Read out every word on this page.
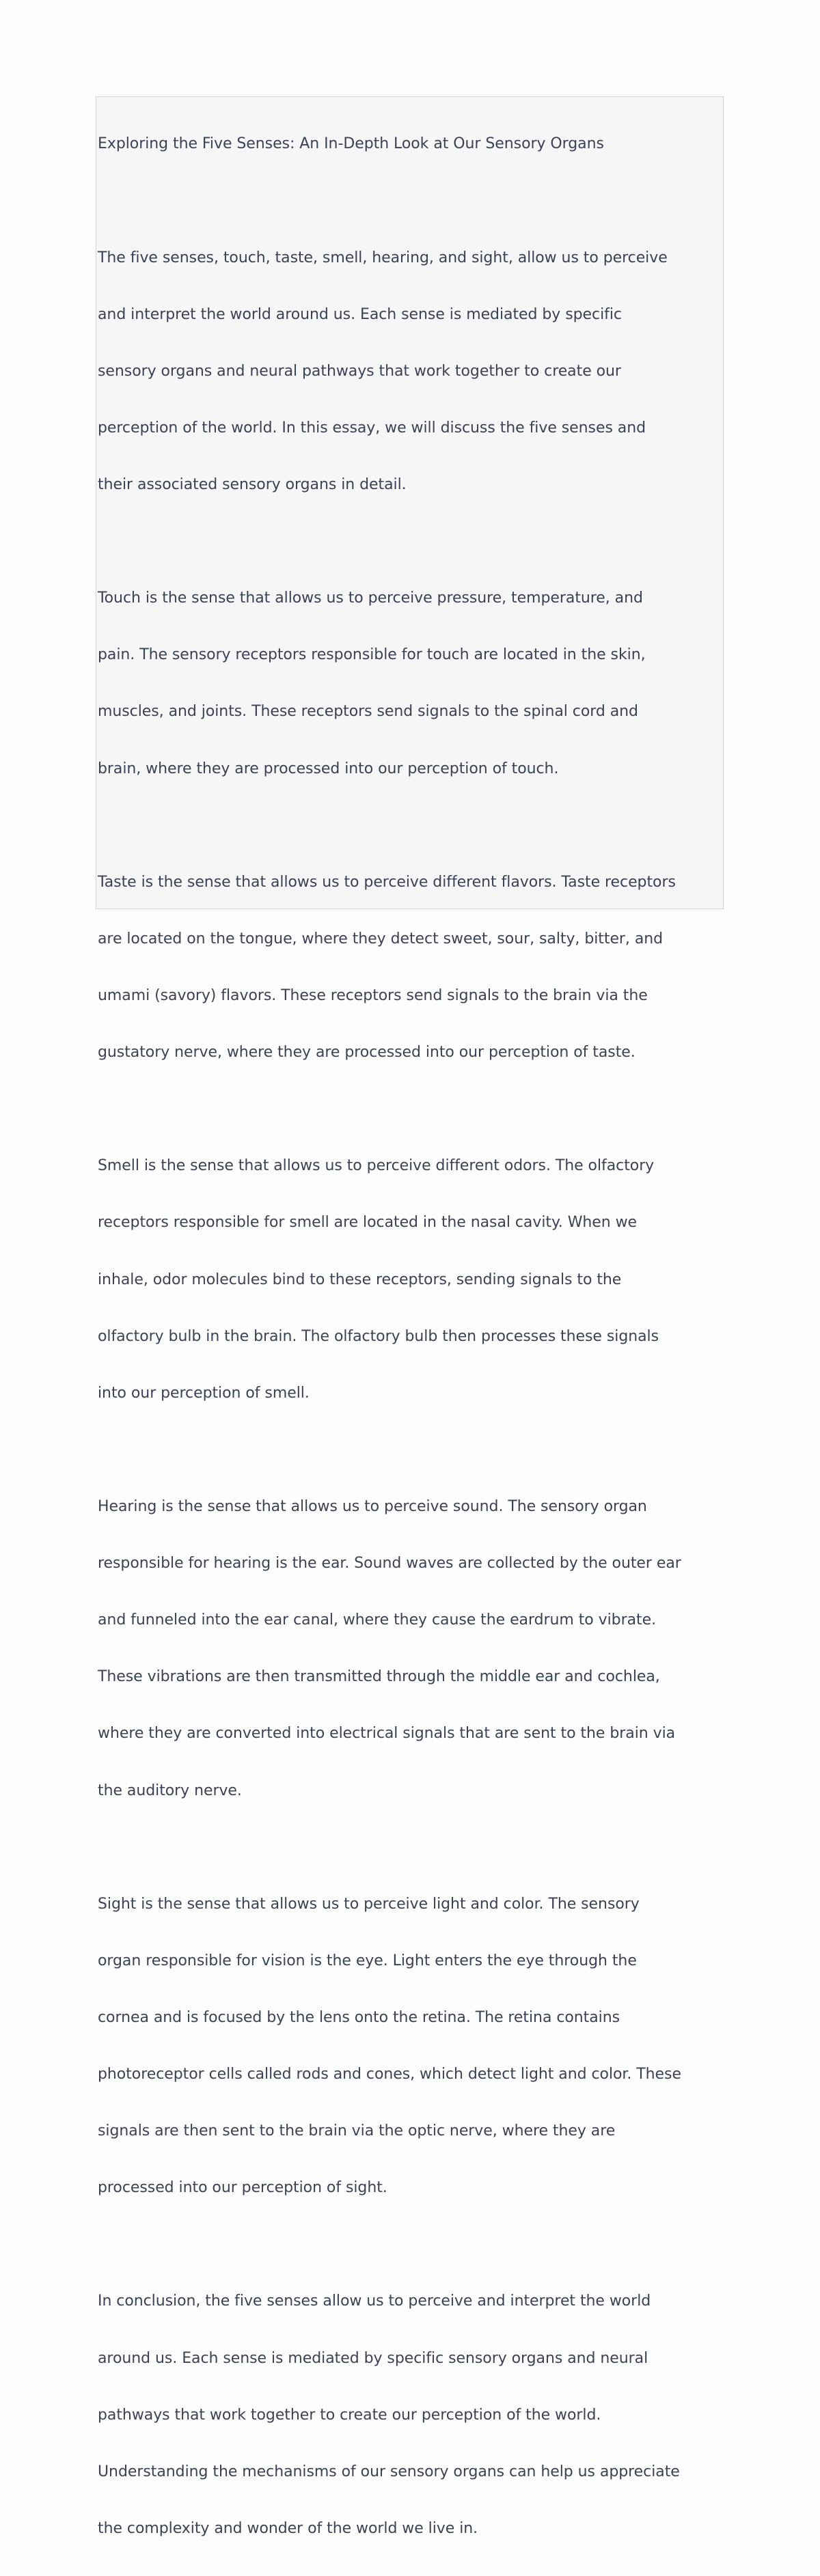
Exploring the Five Senses: An In-Depth Look at Our Sensory Organs

The five senses, touch, taste, smell, hearing, and sight, allow us to perceive

and interpret the world around us. Each sense is mediated by specific

sensory organs and neural pathways that work together to create our

perception of the world. In this essay, we will discuss the five senses and

their associated sensory organs in detail.

Touch is the sense that allows us to perceive pressure, temperature, and

pain. The sensory receptors responsible for touch are located in the skin,

muscles, and joints. These receptors send signals to the spinal cord and

brain, where they are processed into our perception of touch.

Taste is the sense that allows us to perceive different flavors. Taste receptors

are located on the tongue, where they detect sweet, sour, salty, bitter, and

umami (savory) flavors. These receptors send signals to the brain via the

gustatory nerve, where they are processed into our perception of taste.

Smell is the sense that allows us to perceive different odors. The olfactory

receptors responsible for smell are located in the nasal cavity. When we

inhale, odor molecules bind to these receptors, sending signals to the

olfactory bulb in the brain. The olfactory bulb then processes these signals

into our perception of smell.

Hearing is the sense that allows us to perceive sound. The sensory organ

responsible for hearing is the ear. Sound waves are collected by the outer ear

and funneled into the ear canal, where they cause the eardrum to vibrate.

These vibrations are then transmitted through the middle ear and cochlea,

where they are converted into electrical signals that are sent to the brain via

the auditory nerve.

Sight is the sense that allows us to perceive light and color. The sensory

organ responsible for vision is the eye. Light enters the eye through the

cornea and is focused by the lens onto the retina. The retina contains

photoreceptor cells called rods and cones, which detect light and color. These

signals are then sent to the brain via the optic nerve, where they are

processed into our perception of sight.

In conclusion, the five senses allow us to perceive and interpret the world

around us. Each sense is mediated by specific sensory organs and neural

pathways that work together to create our perception of the world.

Understanding the mechanisms of our sensory organs can help us appreciate

the complexity and wonder of the world we live in.
